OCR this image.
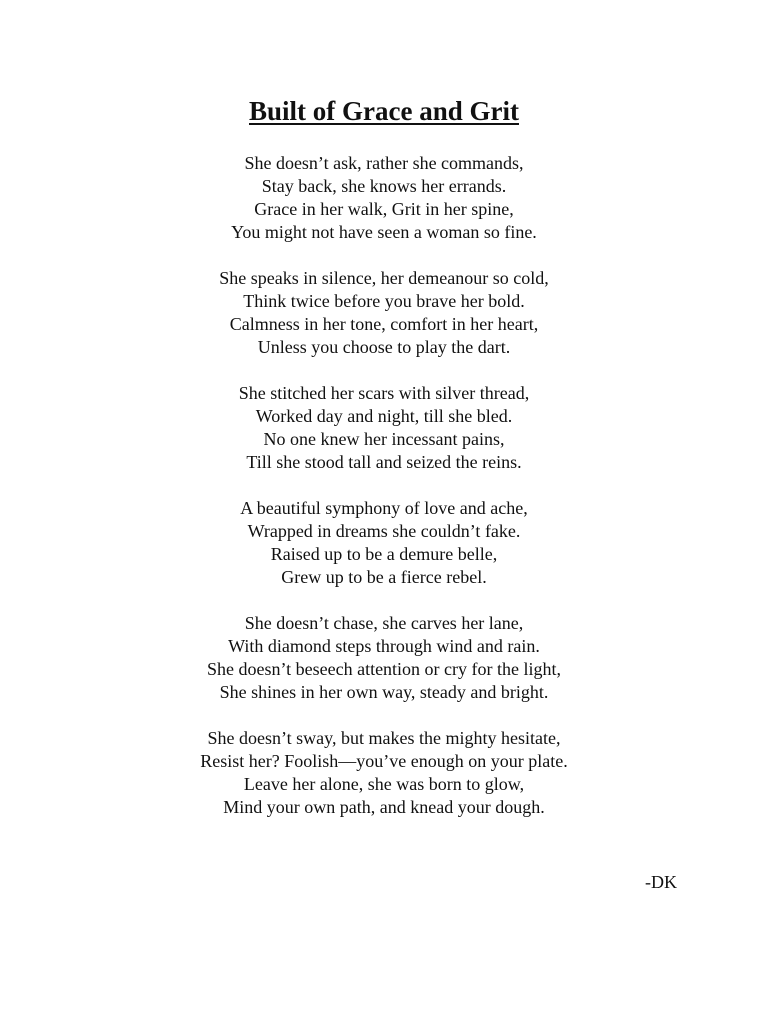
Built of Grace and Grit
She doesn’t ask, rather she commands,
Stay back, she knows her errands.
Grace in her walk, Grit in her spine,
You might not have seen a woman so fine.
She speaks in silence, her demeanour so cold,
Think twice before you brave her bold.
Calmness in her tone, comfort in her heart,
Unless you choose to play the dart.
She stitched her scars with silver thread,
Worked day and night, till she bled.
No one knew her incessant pains,
Till she stood tall and seized the reins.
A beautiful symphony of love and ache,
Wrapped in dreams she couldn’t fake.
Raised up to be a demure belle,
Grew up to be a fierce rebel.
She doesn’t chase, she carves her lane,
With diamond steps through wind and rain.
She doesn’t beseech attention or cry for the light,
She shines in her own way, steady and bright.
She doesn’t sway, but makes the mighty hesitate,
Resist her? Foolish—you’ve enough on your plate.
Leave her alone, she was born to glow,
Mind your own path, and knead your dough.
-DK
